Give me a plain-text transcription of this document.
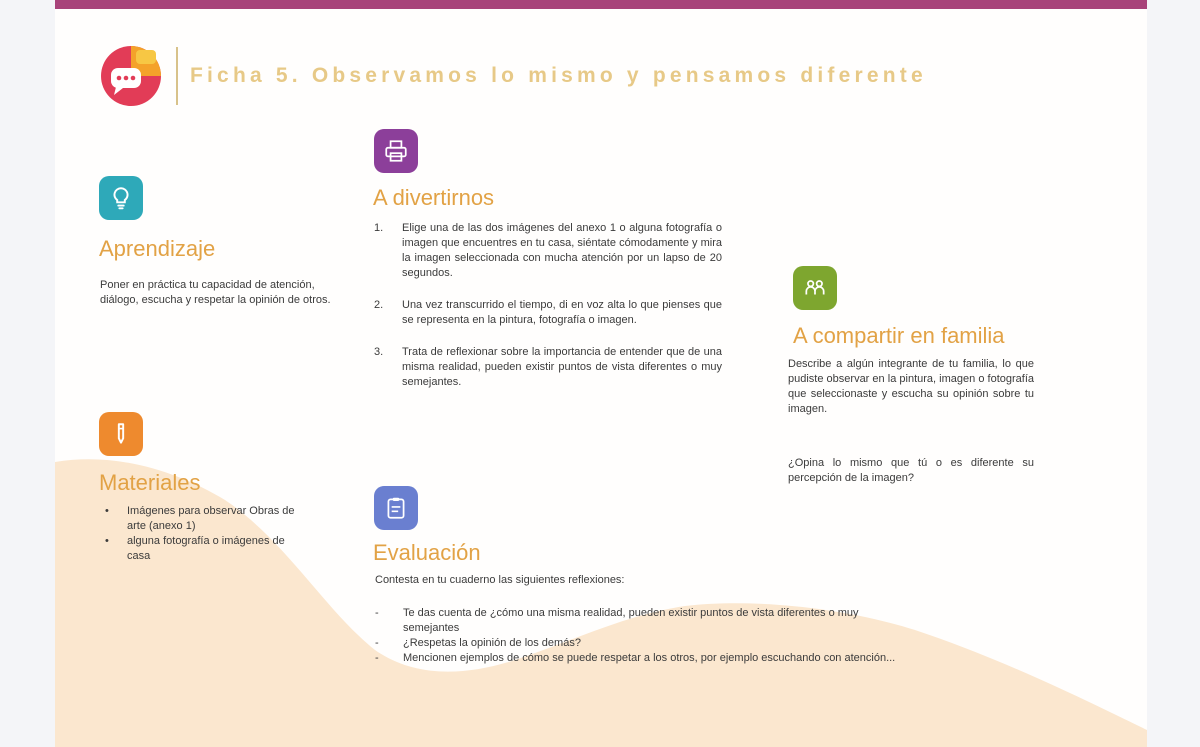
Ficha 5. Observamos lo mismo y pensamos diferente
Aprendizaje
Poner en práctica tu capacidad de atención, diálogo, escucha y respetar la opinión de otros.
Materiales
• Imágenes para observar Obras de arte (anexo 1)
• alguna fotografía o imágenes de casa
A divertirnos
1.	Elige una de las dos imágenes del anexo 1 o alguna fotografía o imagen que encuentres en tu casa, siéntate cómodamente y mira la imagen seleccionada con mucha atención por un lapso de 20 segundos.
2.	Una vez transcurrido el tiempo, di en voz alta lo que pienses que se representa en la pintura, fotografía o imagen.
3.	Trata de reflexionar sobre la importancia de entender que de una misma realidad, pueden existir puntos de vista diferentes o muy semejantes.
A compartir en familia
Describe a algún integrante de tu familia, lo que pudiste observar en la pintura, imagen o fotografía que seleccionaste y escucha su opinión sobre tu imagen.
¿Opina lo mismo que tú o es diferente su percepción de la imagen?
Evaluación
Contesta en tu cuaderno las siguientes reflexiones:
-	Te das cuenta de ¿cómo una misma realidad, pueden existir puntos de vista diferentes o muy semejantes
-	¿Respetas la opinión de los demás?
-	Mencionen ejemplos de cómo se puede respetar a los otros, por ejemplo escuchando con atención...
